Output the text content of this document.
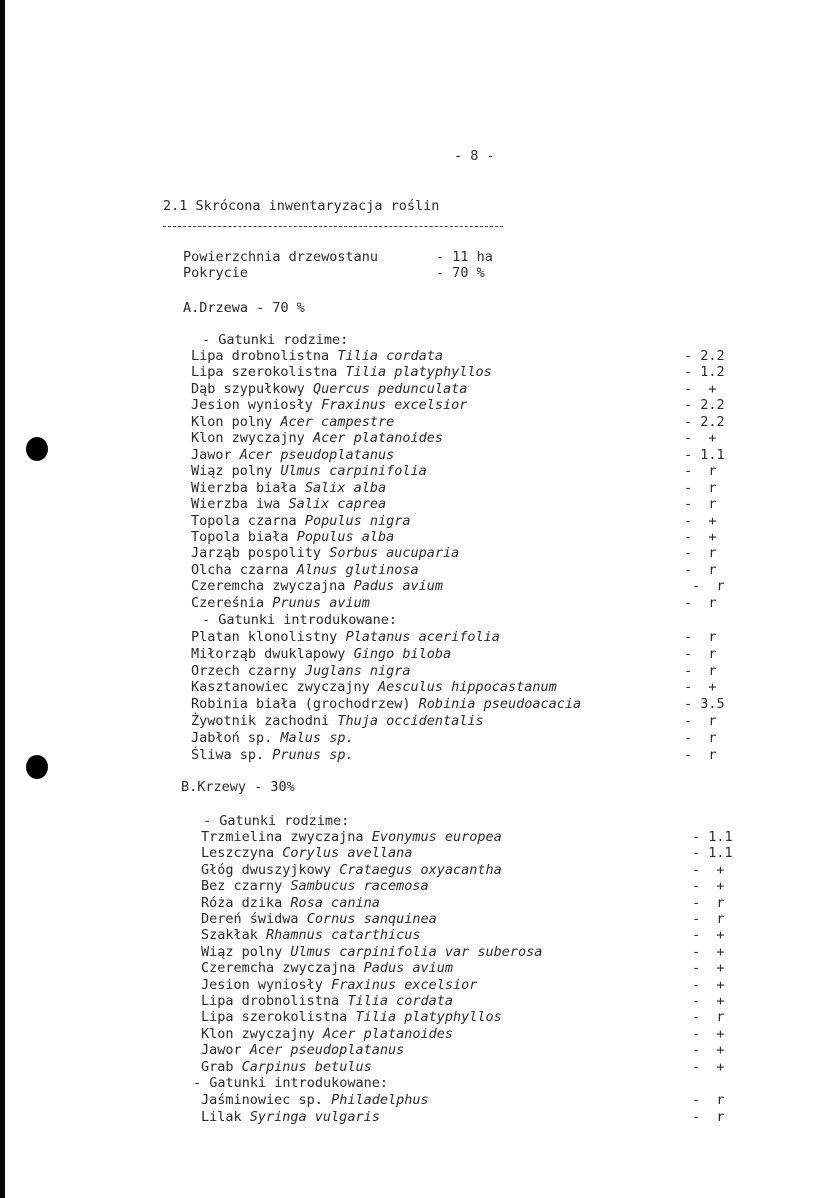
- 8 -
2.1 Skrócona inwentaryzacja roślin
Powierzchnia drzewostanu	- 11 ha
Pokrycie	- 70 %
A.Drzewa - 70 %
- Gatunki rodzime:
Lipa drobnolistna Tilia cordata	- 2.2
Lipa szerokolistna Tilia platyphyllos	- 1.2
Dąb szypułkowy Quercus pedunculata	-  +
Jesion wyniosły Fraxinus excelsior	- 2.2
Klon polny Acer campestre	- 2.2
Klon zwyczajny Acer platanoides	-  +
Jawor Acer pseudoplatanus	- 1.1
Wiąz polny Ulmus carpinifolia	-  r
Wierzba biała Salix alba	-  r
Wierzba iwa Salix caprea	-  r
Topola czarna Populus nigra	-  +
Topola biała Populus alba	-  +
Jarząb pospolity Sorbus aucuparia	-  r
Olcha czarna Alnus glutinosa	-  r
Czeremcha zwyczajna Padus avium	-  r
Czereśnia Prunus avium	-  r
- Gatunki introdukowane:
Platan klonolistny Platanus acerifolia	-  r
Miłorząb dwuklapowy Gingo biloba	-  r
Orzech czarny Juglans nigra	-  r
Kasztanowiec zwyczajny Aesculus hippocastanum	-  +
Robinia biała (grochodrzew) Robinia pseudoacacia	- 3.5
Żywotnik zachodni Thuja occidentalis	-  r
Jabłoń sp. Malus sp.	-  r
Śliwa sp. Prunus sp.	-  r
B.Krzewy - 30%
- Gatunki rodzime:
Trzmielina zwyczajna Evonymus europea	- 1.1
Leszczyna Corylus avellana	- 1.1
Głóg dwuszyjkowy Crataegus oxyacantha	-  +
Bez czarny Sambucus racemosa	-  +
Róża dzika Rosa canina	-  r
Dereń świdwa Cornus sanquinea	-  r
Szakłak Rhamnus catarthicus	-  +
Wiąz polny Ulmus carpinifolia var suberosa	-  +
Czeremcha zwyczajna Padus avium	-  +
Jesion wyniosły Fraxinus excelsior	-  +
Lipa drobnolistna Tilia cordata	-  +
Lipa szerokolistna Tilia platyphyllos	-  r
Klon zwyczajny Acer platanoides	-  +
Jawor Acer pseudoplatanus	-  +
Grab Carpinus betulus	-  +
- Gatunki introdukowane:
Jaśminowiec sp. Philadelphus	-  r
Lilak Syringa vulgaris	-  r
